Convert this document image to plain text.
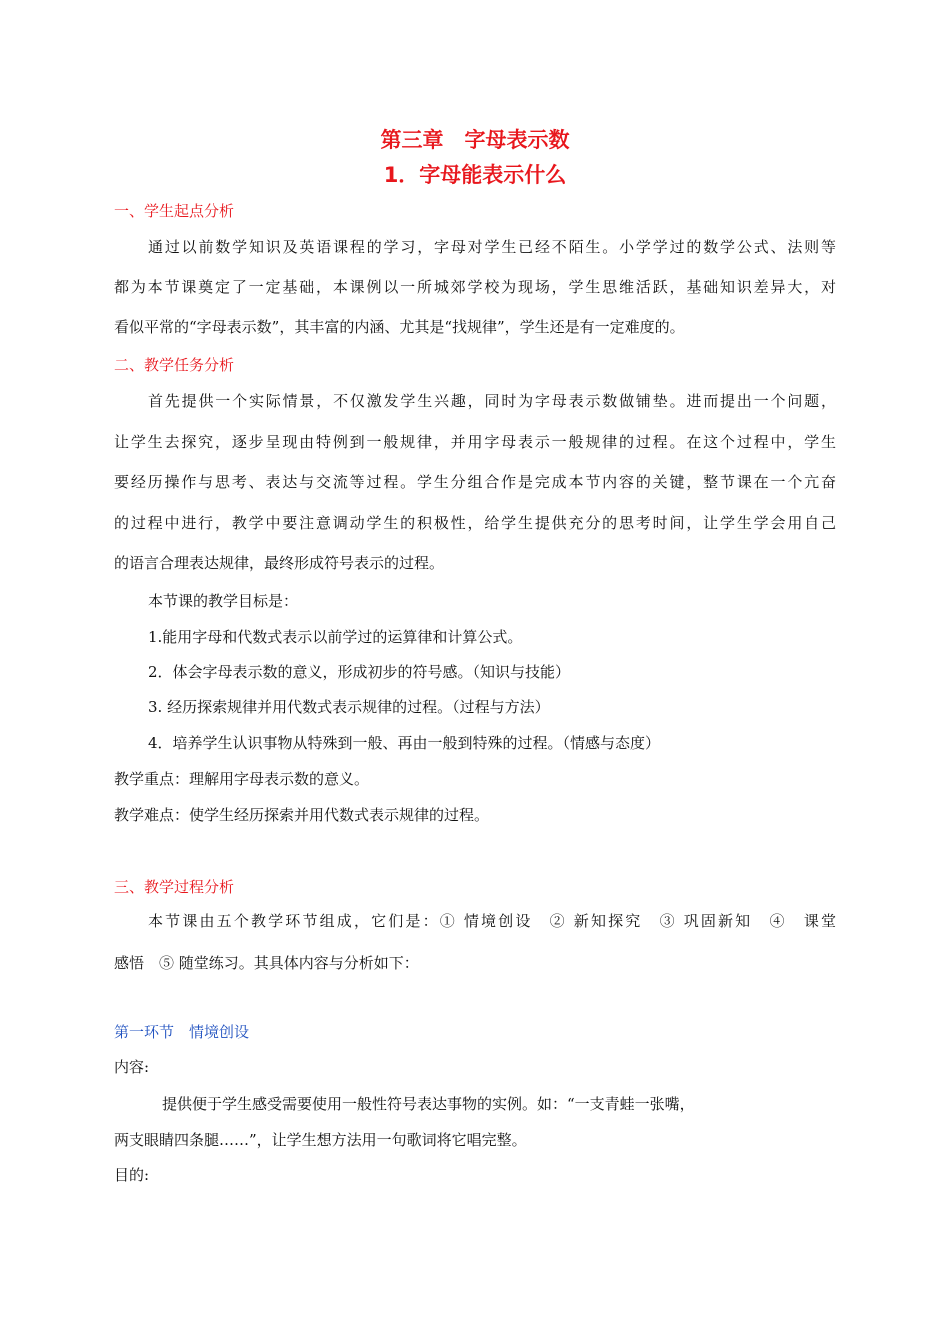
第三章　字母表示数
1．字母能表示什么
一、学生起点分析
通过以前数学知识及英语课程的学习，字母对学生已经不陌生。小学学过的数学公式、法则等
都为本节课奠定了一定基础，本课例以一所城郊学校为现场，学生思维活跃，基础知识差异大，对
看似平常的“字母表示数”，其丰富的内涵、尤其是“找规律”，学生还是有一定难度的。
二、教学任务分析
首先提供一个实际情景，不仅激发学生兴趣，同时为字母表示数做铺垫。进而提出一个问题，
让学生去探究，逐步呈现由特例到一般规律，并用字母表示一般规律的过程。在这个过程中，学生
要经历操作与思考、表达与交流等过程。学生分组合作是完成本节内容的关键，整节课在一个亢奋
的过程中进行，教学中要注意调动学生的积极性，给学生提供充分的思考时间，让学生学会用自己
的语言合理表达规律，最终形成符号表示的过程。
本节课的教学目标是：
1.能用字母和代数式表示以前学过的运算律和计算公式。
2．体会字母表示数的意义，形成初步的符号感。（知识与技能）
3. 经历探索规律并用代数式表示规律的过程。（过程与方法）
4．培养学生认识事物从特殊到一般、再由一般到特殊的过程。（情感与态度）
教学重点：理解用字母表示数的意义。
教学难点：使学生经历探索并用代数式表示规律的过程。
三、教学过程分析
本节课由五个教学环节组成，它们是：① 情境创设　② 新知探究　③ 巩固新知　④　课堂
感悟　⑤ 随堂练习。其具体内容与分析如下：
第一环节　情境创设
内容:
提供便于学生感受需要使用一般性符号表达事物的实例。如：“一支青蛙一张嘴，
两支眼睛四条腿……”，让学生想方法用一句歌词将它唱完整。
目的:
